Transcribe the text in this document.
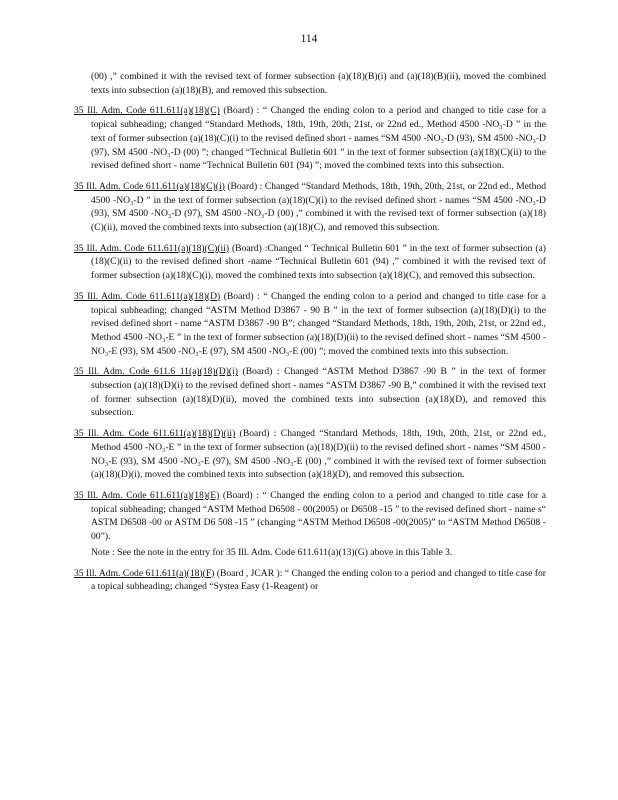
114

(00) ,” combined it with the revised text of former subsection (a)(18)(B)(i) and (a)(18)(B)(ii), moved the combined texts into subsection (a)(18)(B), and removed this subsection.

35 Ill. Adm. Code 611.611(a)(18)(C) (Board) : “ Changed the ending colon to a period and changed to title case for a topical subheading; changed “Standard Methods, 18th, 19th, 20th, 21st, or 22nd ed., Method 4500 -NO₃-D ” in the text of former subsection (a)(18)(C)(i) to the revised defined short - names “SM 4500 -NO₃-D (93), SM 4500 -NO₃-D (97), SM 4500 -NO₃-D (00) ”; changed “Technical Bulletin 601 ” in the text of former subsection (a)(18)(C)(ii) to the revised defined short - name “Technical Bulletin 601 (94) ”; moved the combined texts into this subsection.

35 Ill. Adm. Code 611.611(a)(18)(C)(i) (Board) : Changed “Standard Methods, 18th, 19th, 20th, 21st, or 22nd ed., Method 4500 -NO₃-D ” in the text of former subsection (a)(18)(C)(i) to the revised defined short - names “SM 4500 -NO₃-D (93), SM 4500 -NO₃-D (97), SM 4500 -NO₃-D (00) ,” combined it with the revised text of former subsection (a)(18)(C)(ii), moved the combined texts into subsection (a)(18)(C), and removed this subsection.

35 Ill. Adm. Code 611.611(a)(18)(C)(ii) (Board) :Changed “ Technical Bulletin 601 ” in the text of former subsection (a)(18)(C)(ii) to the revised defined short -name “Technical Bulletin 601 (94) ,” combined it with the revised text of former subsection (a)(18)(C)(i), moved the combined texts into subsection (a)(18)(C), and removed this subsection.

35 Ill. Adm. Code 611.611(a)(18)(D) (Board) : “ Changed the ending colon to a period and changed to title case for a topical subheading; changed “ASTM Method D3867 - 90 B ” in the text of former subsection (a)(18)(D)(i) to the revised defined short - name “ASTM D3867 -90 B”; changed “Standard Methods, 18th, 19th, 20th, 21st, or 22nd ed., Method 4500 -NO₃-E ” in the text of former subsection (a)(18)(D)(ii) to the revised defined short - names “SM 4500 -NO₃-E (93), SM 4500 -NO₃-E (97), SM 4500 -NO₃-E (00) ”; moved the combined texts into this subsection.

35 Ill. Adm. Code 611.6 11(a)(18)(D)(i) (Board) : Changed “ASTM Method D3867 -90 B ” in the text of former subsection (a)(18)(D)(i) to the revised defined short - names “ASTM D3867 -90 B,” combined it with the revised text of former subsection (a)(18)(D)(ii), moved the combined texts into subsection (a)(18)(D), and removed this subsection.

35 Ill. Adm. Code 611.611(a)(18)(D)(ii) (Board) : Changed “Standard Methods, 18th, 19th, 20th, 21st, or 22nd ed., Method 4500 -NO₃-E ” in the text of former subsection (a)(18)(D)(ii) to the revised defined short - names “SM 4500 -NO₃-E (93), SM 4500 -NO₃-E (97), SM 4500 -NO₃-E (00) ,” combined it with the revised text of former subsection (a)(18)(D)(i), moved the combined texts into subsection (a)(18)(D), and removed this subsection.

35 Ill. Adm. Code 611.611(a)(18)(E) (Board) : “ Changed the ending colon to a period and changed to title case for a topical subheading; changed “ASTM Method D6508 - 00(2005) or D6508 -15 ” to the revised defined short - name s“ ASTM D6508 -00 or ASTM D6 508 -15 ” (changing “ASTM Method D6508 -00(2005)” to “ASTM Method D6508 - 00”).

Note : See the note in the entry for 35 Ill. Adm. Code 611.611(a)(13)(G) above in this Table 3.

35 Ill. Adm. Code 611.611(a)(18)(F) (Board , JCAR ): “ Changed the ending colon to a period and changed to title case for a topical subheading; changed “Systea Easy (1-Reagent) or
